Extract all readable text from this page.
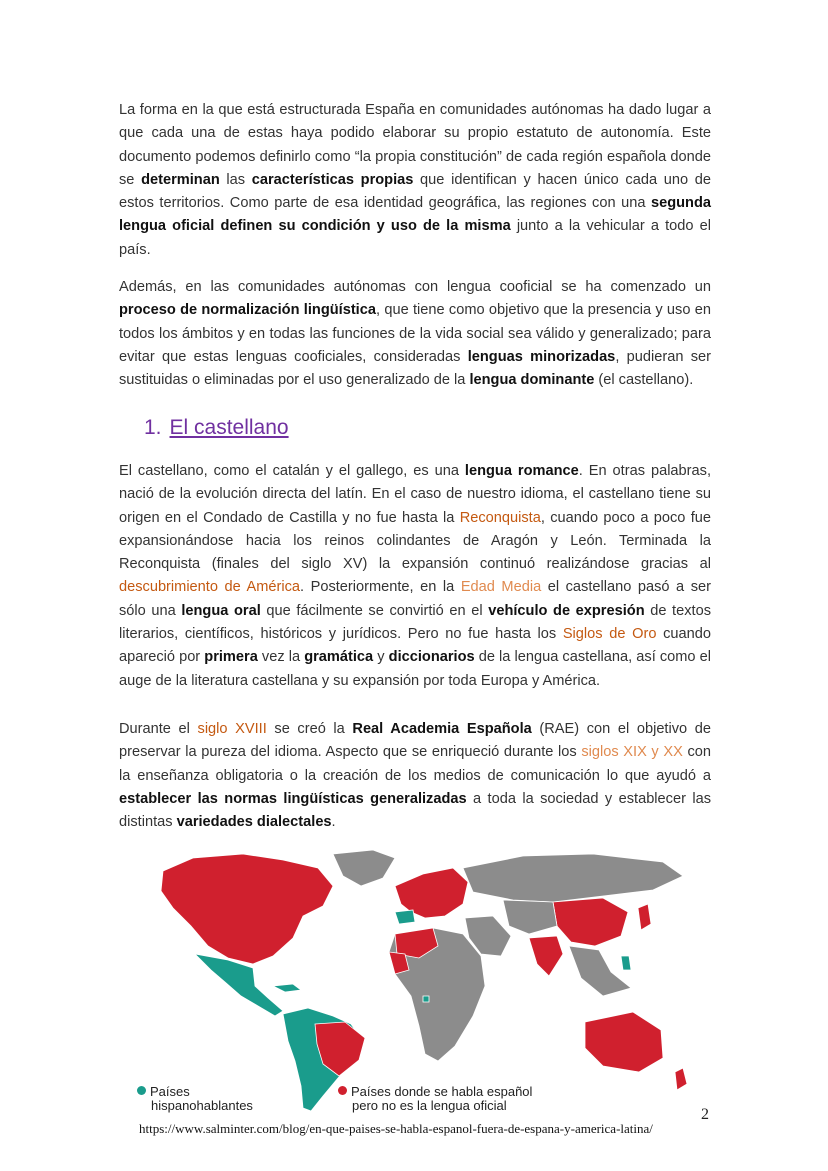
La forma en la que está estructurada España en comunidades autónomas ha dado lugar a que cada una de estas haya podido elaborar su propio estatuto de autonomía. Este documento podemos definirlo como “la propia constitución” de cada región española donde se determinan las características propias que identifican y hacen único cada uno de estos territorios. Como parte de esa identidad geográfica, las regiones con una segunda lengua oficial definen su condición y uso de la misma junto a la vehicular a todo el país.

Además, en las comunidades autónomas con lengua cooficial se ha comenzado un proceso de normalización lingüística, que tiene como objetivo que la presencia y uso en todos los ámbitos y en todas las funciones de la vida social sea válido y generalizado; para evitar que estas lenguas cooficiales, consideradas lenguas minorizadas, pudieran ser sustituidas o eliminadas por el uso generalizado de la lengua dominante (el castellano).

1. El castellano

El castellano, como el catalán y el gallego, es una lengua romance. En otras palabras, nació de la evolución directa del latín. En el caso de nuestro idioma, el castellano tiene su origen en el Condado de Castilla y no fue hasta la Reconquista, cuando poco a poco fue expansionándose hacia los reinos colindantes de Aragón y León. Terminada la Reconquista (finales del siglo XV) la expansión continuó realizándose gracias al descubrimiento de América. Posteriormente, en la Edad Media el castellano pasó a ser sólo una lengua oral que fácilmente se convirtió en el vehículo de expresión de textos literarios, científicos, históricos y jurídicos. Pero no fue hasta los Siglos de Oro cuando apareció por primera vez la gramática y diccionarios de la lengua castellana, así como el auge de la literatura castellana y su expansión por toda Europa y América.

Durante el siglo XVIII se creó la Real Academia Española (RAE) con el objetivo de preservar la pureza del idioma. Aspecto que se enriqueció durante los siglos XIX y XX con la enseñanza obligatoria o la creación de los medios de comunicación lo que ayudó a establecer las normas lingüísticas generalizadas a toda la sociedad y establecer las distintas variedades dialectales.

Países
hispanohablantes
Países donde se habla español
pero no es la lengua oficial
2
https://www.salminter.com/blog/en-que-paises-se-habla-espanol-fuera-de-espana-y-america-latina/
